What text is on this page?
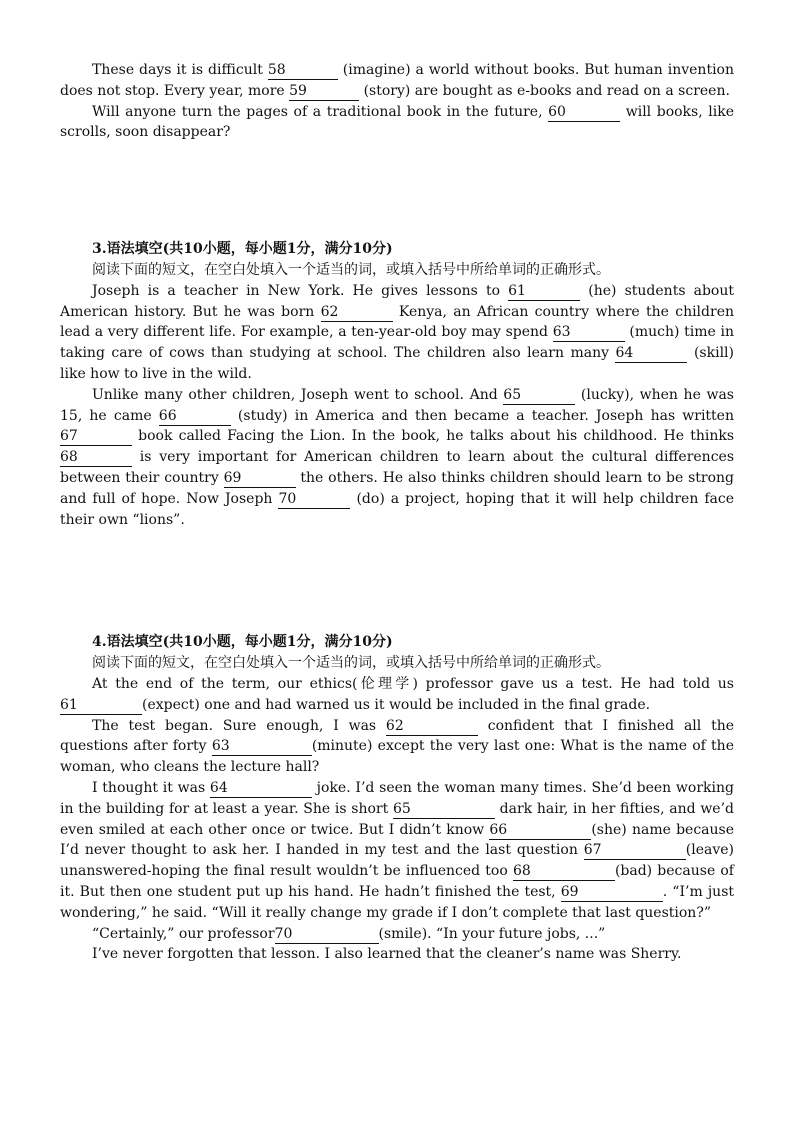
These days it is difficult 58	(imagine) a world without books. But human invention does not stop. Every year, more 59	(story) are bought as e-books and read on a screen.

Will anyone turn the pages of a traditional book in the future, 60	will books, like scrolls, soon disappear?

3.语法填空(共10小题，每小题1分，满分10分)

阅读下面的短文，在空白处填入一个适当的词，或填入括号中所给单词的正确形式。

Joseph is a teacher in New York. He gives lessons to 61	(he) students about American history. But he was born 62	Kenya, an African country where the children lead a very different life. For example, a ten-year-old boy may spend 63	(much) time in taking care of cows than studying at school. The children also learn many 64	(skill) like how to live in the wild.

Unlike many other children, Joseph went to school. And 65	(lucky), when he was 15, he came 66	(study) in America and then became a teacher. Joseph has written 67	book called Facing the Lion. In the book, he talks about his childhood. He thinks 68	is very important for American children to learn about the cultural differences between their country 69	the others. He also thinks children should learn to be strong and full of hope. Now Joseph 70	(do) a project, hoping that it will help children face their own “lions”.

4.语法填空(共10小题，每小题1分，满分10分)

阅读下面的短文，在空白处填入一个适当的词，或填入括号中所给单词的正确形式。

At the end of the term, our ethics(伦理学) professor gave us a test. He had told us 61	(expect) one and had warned us it would be included in the final grade.

The test began. Sure enough, I was 62	confident that I finished all the questions after forty 63	(minute) except the very last one: What is the name of the woman, who cleans the lecture hall?

I thought it was 64	joke. I’d seen the woman many times. She’d been working in the building for at least a year. She is short 65	dark hair, in her fifties, and we’d even smiled at each other once or twice. But I didn’t know 66	(she) name because I’d never thought to ask her. I handed in my test and the last question 67	(leave) unanswered-hoping the final result wouldn’t be influenced too 68	(bad) because of it. But then one student put up his hand. He hadn’t finished the test, 69	. “I’m just wondering,” he said. “Will it really change my grade if I don’t complete that last question?”

“Certainly,” our professor70	(smile). “In your future jobs, ...”

I’ve never forgotten that lesson. I also learned that the cleaner’s name was Sherry.
